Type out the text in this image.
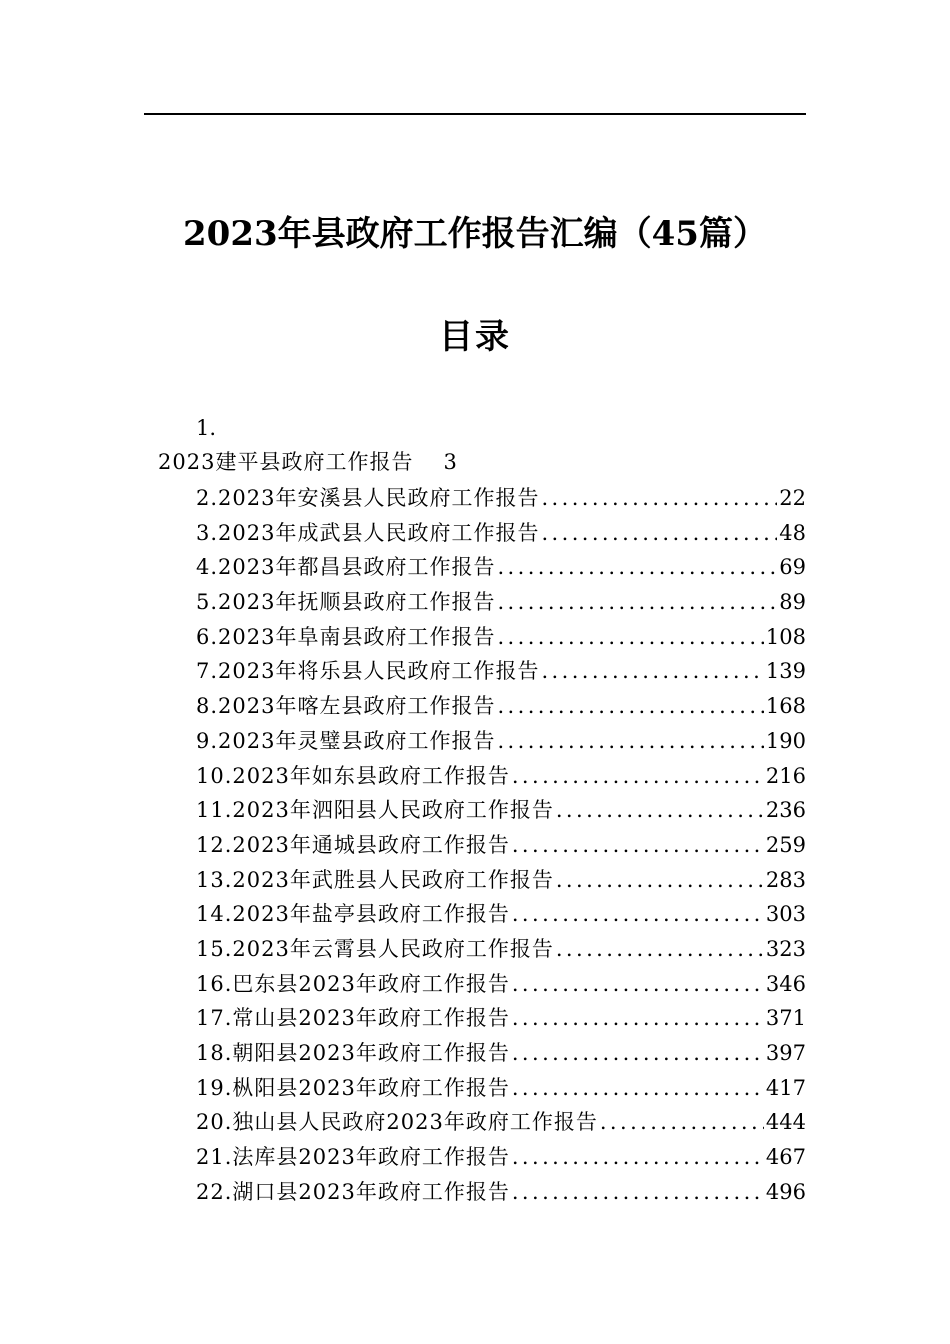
2023年县政府工作报告汇编（45篇）
目录
1.
2023建平县政府工作报告 3
2.2023年安溪县人民政府工作报告 .....	22
3.2023年成武县人民政府工作报告 .....	48
4.2023年都昌县政府工作报告 .....	69
5.2023年抚顺县政府工作报告 .....	89
6.2023年阜南县政府工作报告 .....	108
7.2023年将乐县人民政府工作报告 .....	139
8.2023年喀左县政府工作报告 .....	168
9.2023年灵璧县政府工作报告 .....	190
10.2023年如东县政府工作报告 .....	216
11.2023年泗阳县人民政府工作报告 .....	236
12.2023年通城县政府工作报告 .....	259
13.2023年武胜县人民政府工作报告 .....	283
14.2023年盐亭县政府工作报告 .....	303
15.2023年云霄县人民政府工作报告 .....	323
16.巴东县2023年政府工作报告 .....	346
17.常山县2023年政府工作报告 .....	371
18.朝阳县2023年政府工作报告 .....	397
19.枞阳县2023年政府工作报告 .....	417
20.独山县人民政府2023年政府工作报告 .....	444
21.法库县2023年政府工作报告 .....	467
22.湖口县2023年政府工作报告 .....	496
